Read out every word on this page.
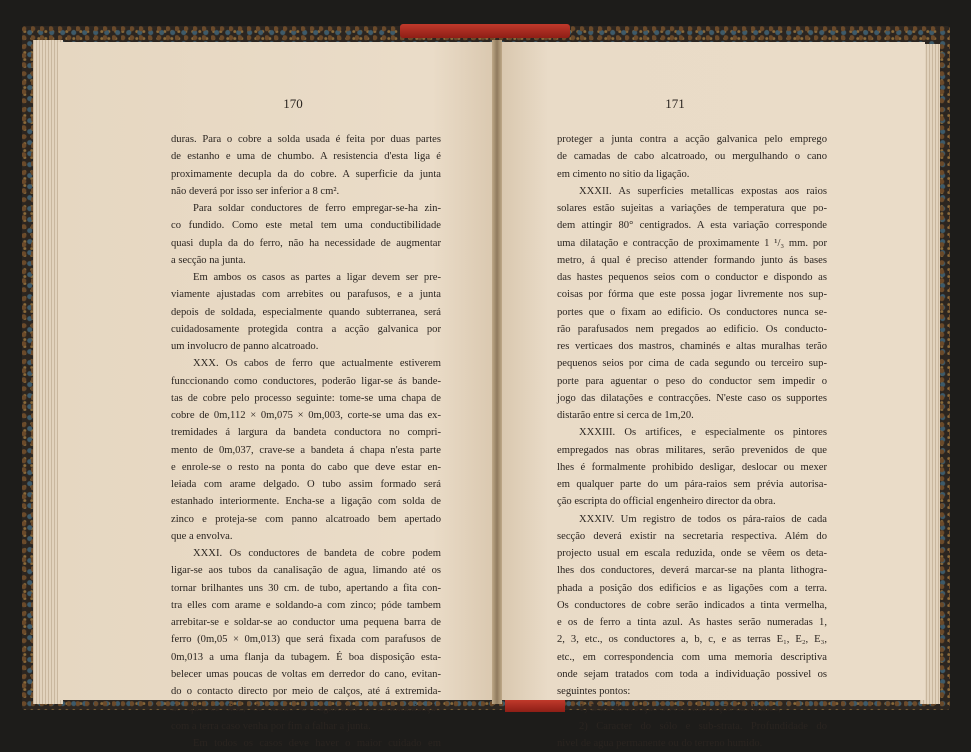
170
duras. Para o cobre a solda usada é feita por duas partes
de estanho e uma de chumbo. A resistencia d'esta liga é
proximamente decupla da do cobre. A superficie da junta
não deverá por isso ser inferior a 8 cm².
Para soldar conductores de ferro empregar-se-ha zin-
co fundido. Como este metal tem uma conductibilidade
quasi dupla da do ferro, não ha necessidade de augmentar
a secção na junta.
Em ambos os casos as partes a ligar devem ser pre-
viamente ajustadas com arrebites ou parafusos, e a junta
depois de soldada, especialmente quando subterranea, será
cuidadosamente protegida contra a acção galvanica por
um involucro de panno alcatroado.
XXX. Os cabos de ferro que actualmente estiverem
funccionando como conductores, poderão ligar-se ás bande-
tas de cobre pelo processo seguinte: tome-se uma chapa de
cobre de 0m,112 × 0m,075 × 0m,003, corte-se uma das ex-
tremidades á largura da bandeta conductora no compri-
mento de 0m,037, crave-se a bandeta á chapa n'esta parte
e enrole-se o resto na ponta do cabo que deve estar en-
leiada com arame delgado. O tubo assim formado será
estanhado interiormente. Encha-se a ligação com solda de
zinco e proteja-se com panno alcatroado bem apertado
que a envolva.
XXXI. Os conductores de bandeta de cobre podem
ligar-se aos tubos da canalisação de agua, limando até os
tornar brilhantes uns 30 cm. de tubo, apertando a fita con-
tra elles com arame e soldando-a com zinco; póde tambem
arrebitar-se e soldar-se ao conductor uma pequena barra de
ferro (0m,05 × 0m,013) que será fixada com parafusos de
0m,013 a uma flanja da tubagem. É boa disposição esta-
belecer umas poucas de voltas em derredor do cano, evitan-
do o contacto directo por meio de calços, até á extremida-
de que se fixa, de modo a augmentar a communicação
com a terra caso venha por fim a falhar a junta.
Em todos os casos deve haver o maior cuidado em
171
proteger a junta contra a acção galvanica pelo emprego
de camadas de cabo alcatroado, ou mergulhando o cano
em cimento no sitio da ligação.
XXXII. As superficies metallicas expostas aos raios
solares estão sujeitas a variações de temperatura que po-
dem attingir 80° centigrados. A esta variação corresponde
uma dilatação e contracção de proximamente 1 ¹/₃ mm. por
metro, á qual é preciso attender formando junto ás bases
das hastes pequenos seios com o conductor e dispondo as
coisas por fórma que este possa jogar livremente nos sup-
portes que o fixam ao edificio. Os conductores nunca se-
rão parafusados nem pregados ao edificio. Os conducto-
res verticaes dos mastros, chaminés e altas muralhas terão
pequenos seios por cima de cada segundo ou terceiro sup-
porte para aguentar o peso do conductor sem impedir o
jogo das dilatações e contracções. N'este caso os supportes
distarão entre si cerca de 1m,20.
XXXIII. Os artifices, e especialmente os pintores
empregados nas obras militares, serão prevenidos de que
lhes é formalmente prohibido desligar, deslocar ou mexer
em qualquer parte do um pára-raios sem prévia autorisa-
ção escripta do official engenheiro director da obra.
XXXIV. Um registro de todos os pára-raios de cada
secção deverá existir na secretaria respectiva. Além do
projecto usual em escala reduzida, onde se vêem os deta-
lhes dos conductores, deverá marcar-se na planta lithogra-
phada a posição dos edificios e as ligações com a terra.
Os conductores de cobre serão indicados a tinta vermelha,
e os de ferro a tinta azul. As hastes serão numeradas 1,
2, 3, etc., os conductores a, b, c, e as terras E₁, E₂, E₃,
etc., em correspondencia com uma memoria descriptiva
onde sejam tratados com toda a individuação possivel os
seguintes pontos:
1) Data da erecção ou reconstrucção das hastes;
2) Caracter do sólo e sub-strata. Profundidade do
nivel de agua permanente ou do terreno humido.
